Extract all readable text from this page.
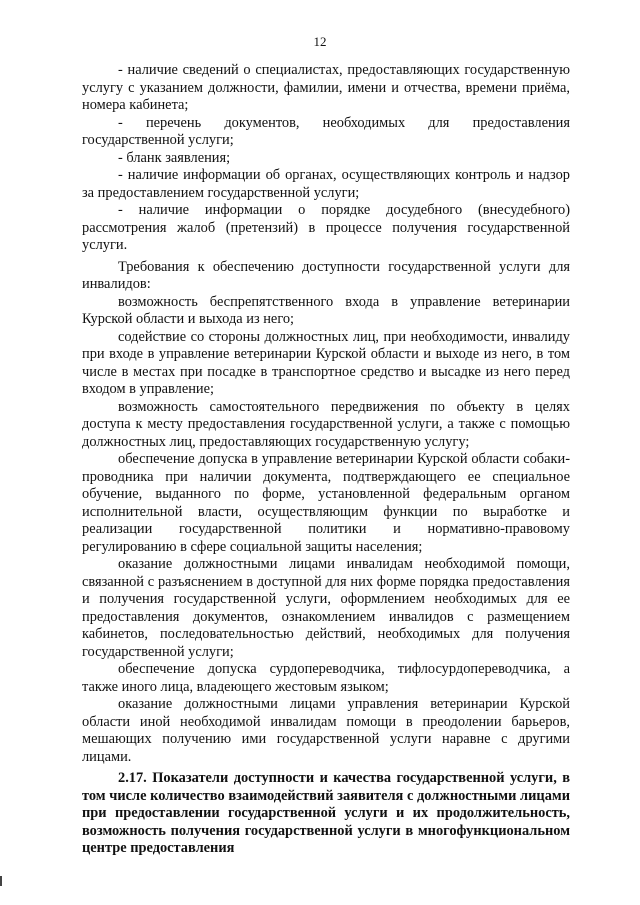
12

- наличие сведений о специалистах, предоставляющих государственную услугу с указанием должности, фамилии, имени и отчества, времени приёма, номера кабинета;

- перечень документов, необходимых для предоставления государственной услуги;

- бланк заявления;

- наличие информации об органах, осуществляющих контроль и надзор за предоставлением государственной услуги;

- наличие информации о порядке досудебного (внесудебного) рассмотрения жалоб (претензий) в процессе получения государственной услуги.

Требования к обеспечению доступности государственной услуги для инвалидов:

возможность беспрепятственного входа в управление ветеринарии Курской области и выхода из него;

содействие со стороны должностных лиц, при необходимости, инвалиду при входе в управление ветеринарии Курской области и выходе из него, в том числе в местах при посадке в транспортное средство и высадке из него перед входом в управление;

возможность самостоятельного передвижения по объекту в целях доступа к месту предоставления государственной услуги, а также с помощью должностных лиц, предоставляющих государственную услугу;

обеспечение допуска в управление ветеринарии Курской области собаки-проводника при наличии документа, подтверждающего ее специальное обучение, выданного по форме, установленной федеральным органом исполнительной власти, осуществляющим функции по выработке и реализации государственной политики и нормативно-правовому регулированию в сфере социальной защиты населения;

оказание должностными лицами инвалидам необходимой помощи, связанной с разъяснением в доступной для них форме порядка предоставления и получения государственной услуги, оформлением необходимых для ее предоставления документов, ознакомлением инвалидов с размещением кабинетов, последовательностью действий, необходимых для получения государственной услуги;

обеспечение допуска сурдопереводчика, тифлосурдопереводчика, а также иного лица, владеющего жестовым языком;

оказание должностными лицами управления ветеринарии Курской области иной необходимой инвалидам помощи в преодолении барьеров, мешающих получению ими государственной услуги наравне с другими лицами.

2.17. Показатели доступности и качества государственной услуги, в том числе количество взаимодействий заявителя с должностными лицами при предоставлении государственной услуги и их продолжительность, возможность получения государственной услуги в многофункциональном центре предоставления
